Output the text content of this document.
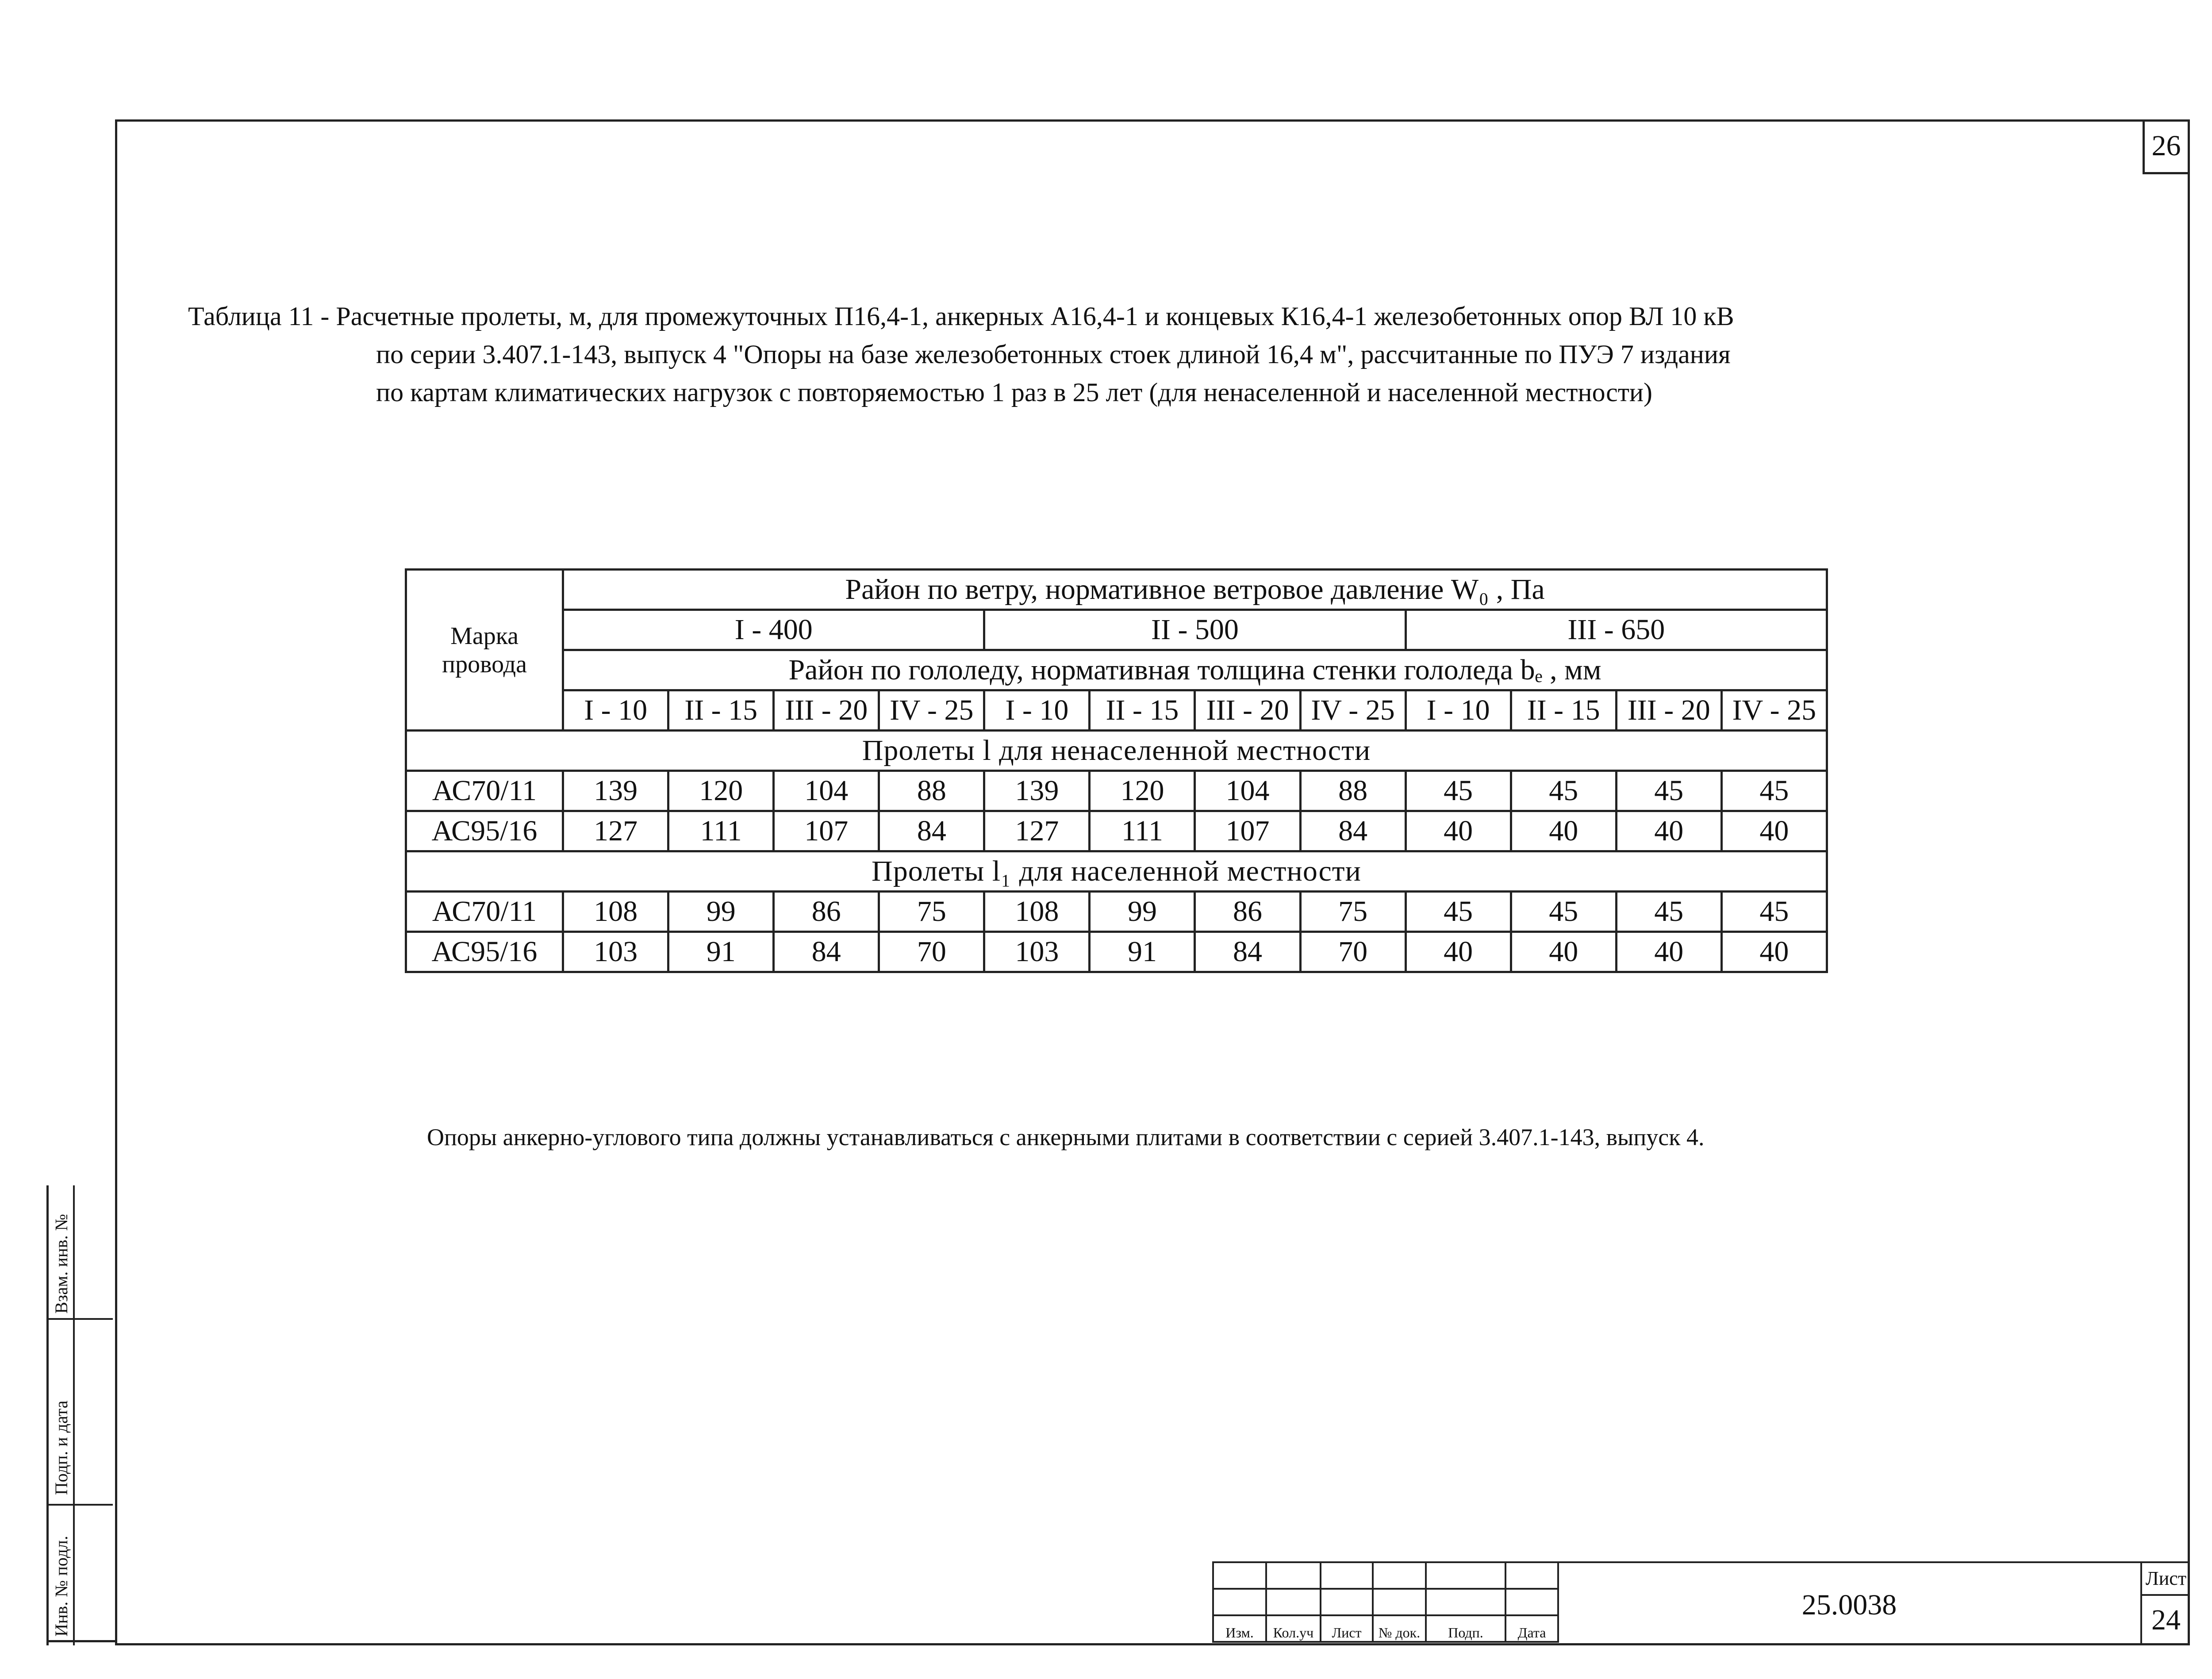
26
Таблица 11 - Расчетные пролеты, м, для промежуточных П16,4-1, анкерных А16,4-1 и концевых К16,4-1 железобетонных опор ВЛ 10 кВ
по серии 3.407.1-143, выпуск 4 "Опоры на базе железобетонных стоек длиной 16,4 м", рассчитанные по ПУЭ 7 издания
по картам климатических нагрузок с повторяемостью 1 раз в 25 лет (для ненаселенной и населенной местности)
Марка провода	Район по ветру, нормативное ветровое давление W₀ , Па											
	I - 400				II - 500				III - 650			
	Район по гололеду, нормативная толщина стенки гололеда bₑ , мм											
	I - 10	II - 15	III - 20	IV - 25	I - 10	II - 15	III - 20	IV - 25	I - 10	II - 15	III - 20	IV - 25
Пролеты l для ненаселенной местности												
АС70/11	139	120	104	88	139	120	104	88	45	45	45	45
АС95/16	127	111	107	84	127	111	107	84	40	40	40	40
Пролеты l₁ для населенной местности												
АС70/11	108	99	86	75	108	99	86	75	45	45	45	45
АС95/16	103	91	84	70	103	91	84	70	40	40	40	40
Опоры анкерно-углового типа должны устанавливаться с анкерными плитами в соответствии с серией 3.407.1-143, выпуск 4.
Взам. инв. №
Подп. и дата
Инв. № подл.

						Изм.	Кол.уч	Лист	№ док.	Подп.	Дата
25.0038
Лист
24
